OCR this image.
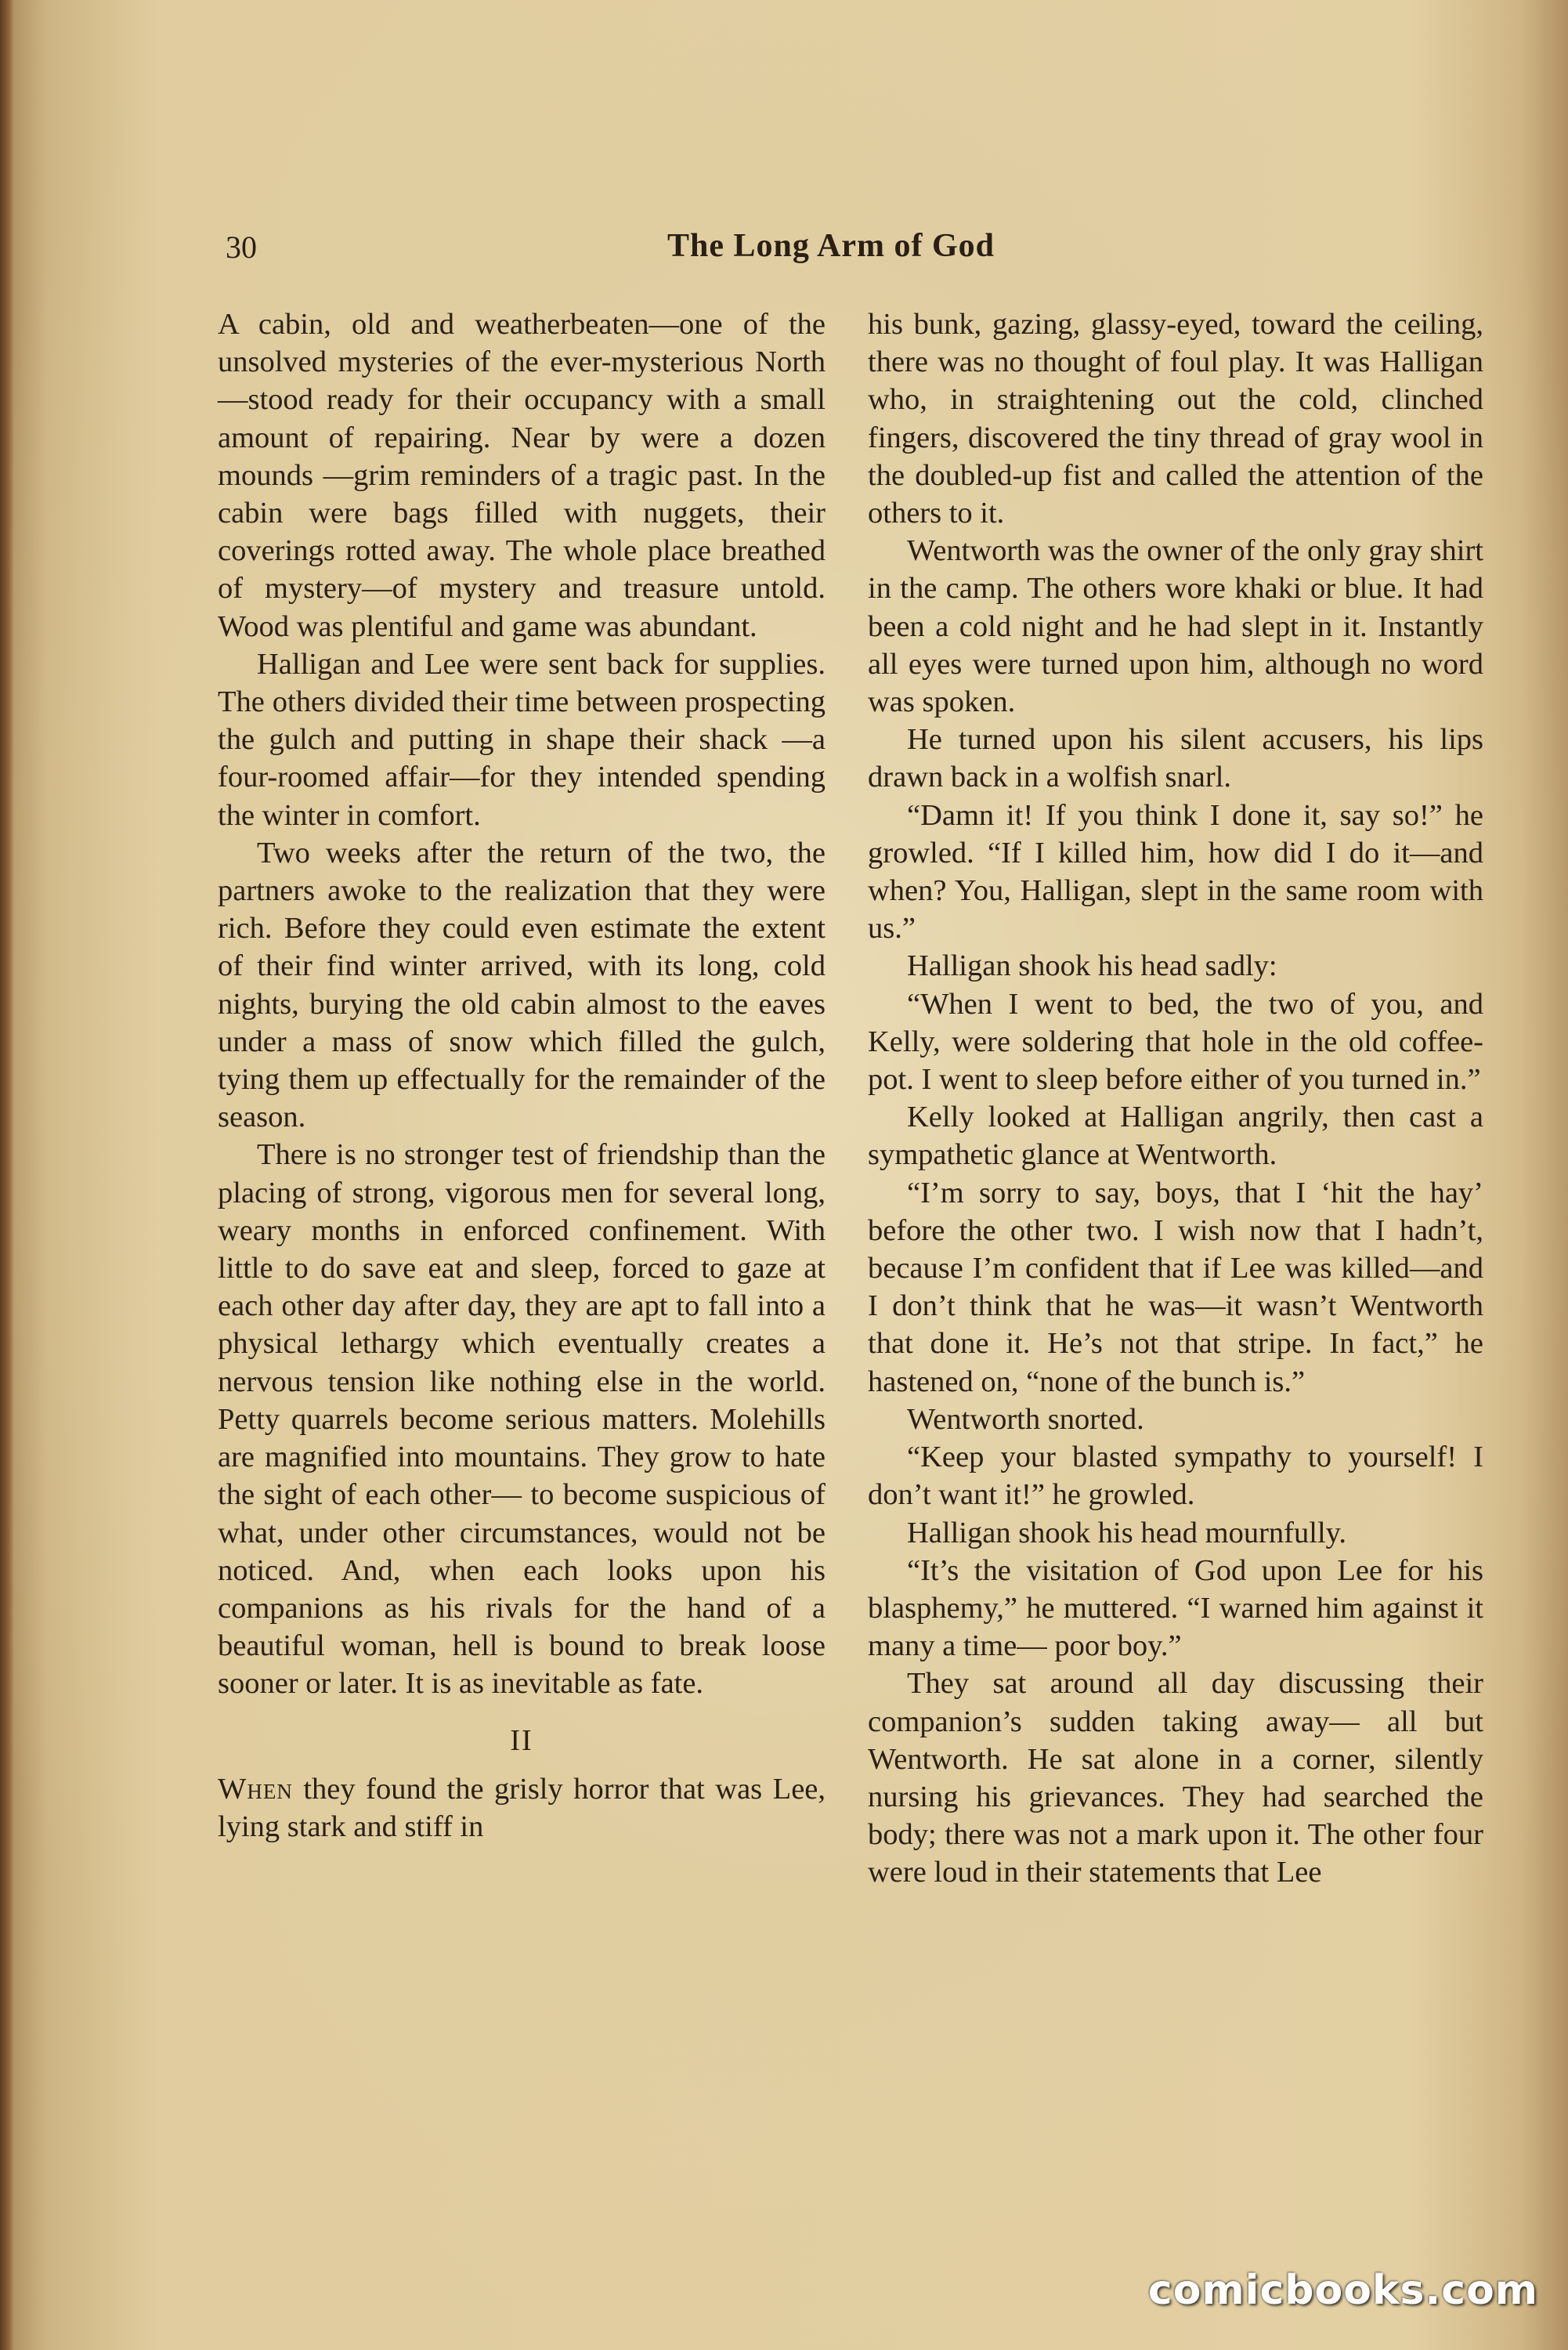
30	The Long Arm of God

A cabin, old and weatherbeaten—one of the unsolved mysteries of the ever-mysterious North—stood ready for their occupancy with a small amount of repairing. Near by were a dozen mounds —grim reminders of a tragic past. In the cabin were bags filled with nuggets, their coverings rotted away. The whole place breathed of mystery—of mystery and treasure untold. Wood was plentiful and game was abundant.

Halligan and Lee were sent back for supplies. The others divided their time between prospecting the gulch and putting in shape their shack —a four-roomed affair—for they intended spending the winter in comfort.

Two weeks after the return of the two, the partners awoke to the realization that they were rich. Before they could even estimate the extent of their find winter arrived, with its long, cold nights, burying the old cabin almost to the eaves under a mass of snow which filled the gulch, tying them up effectually for the remainder of the season.

There is no stronger test of friendship than the placing of strong, vigorous men for several long, weary months in enforced confinement. With little to do save eat and sleep, forced to gaze at each other day after day, they are apt to fall into a physical lethargy which eventually creates a nervous tension like nothing else in the world. Petty quarrels become serious matters. Molehills are magnified into mountains. They grow to hate the sight of each other— to become suspicious of what, under other circumstances, would not be noticed. And, when each looks upon his companions as his rivals for the hand of a beautiful woman, hell is bound to break loose sooner or later. It is as inevitable as fate.

II

When they found the grisly horror that was Lee, lying stark and stiff in

his bunk, gazing, glassy-eyed, toward the ceiling, there was no thought of foul play. It was Halligan who, in straightening out the cold, clinched fingers, discovered the tiny thread of gray wool in the doubled-up fist and called the attention of the others to it.

Wentworth was the owner of the only gray shirt in the camp. The others wore khaki or blue. It had been a cold night and he had slept in it. Instantly all eyes were turned upon him, although no word was spoken.

He turned upon his silent accusers, his lips drawn back in a wolfish snarl.

“Damn it! If you think I done it, say so!” he growled. “If I killed him, how did I do it—and when? You, Halligan, slept in the same room with us.”

Halligan shook his head sadly:

“When I went to bed, the two of you, and Kelly, were soldering that hole in the old coffee-pot. I went to sleep before either of you turned in.”

Kelly looked at Halligan angrily, then cast a sympathetic glance at Wentworth.

“I’m sorry to say, boys, that I ‘hit the hay’ before the other two. I wish now that I hadn’t, because I’m confident that if Lee was killed—and I don’t think that he was—it wasn’t Wentworth that done it. He’s not that stripe. In fact,” he hastened on, “none of the bunch is.”

Wentworth snorted.

“Keep your blasted sympathy to yourself! I don’t want it!” he growled.

Halligan shook his head mournfully.

“It’s the visitation of God upon Lee for his blasphemy,” he muttered. “I warned him against it many a time— poor boy.”

They sat around all day discussing their companion’s sudden taking away— all but Wentworth. He sat alone in a corner, silently nursing his grievances. They had searched the body; there was not a mark upon it. The other four were loud in their statements that Lee

comicbooks.com
